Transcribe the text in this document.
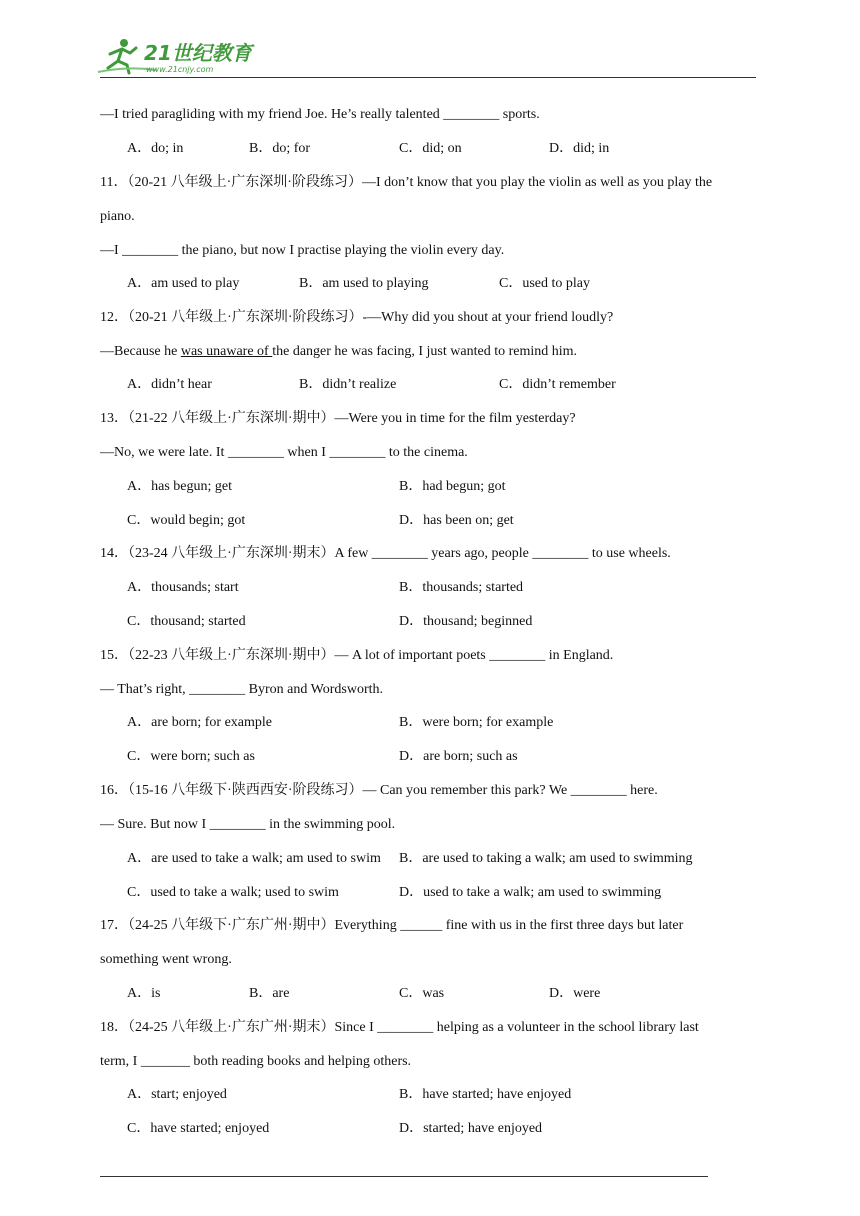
21世纪教育
www.21cnjy.com
—I tried paragliding with my friend Joe. He’s really talented ________ sports.
A．do; in	B．do; for	C．did; on	D．did; in
11．（20-21 八年级上·广东深圳·阶段练习）—I don’t know that you play the violin as well as you play the
piano.
—I ________ the piano, but now I practise playing the violin every day.
A．am used to play	B．am used to playing	C．used to play
12．（20-21 八年级上·广东深圳·阶段练习）-—Why did you shout at your friend loudly?
—Because he was unaware of the danger he was facing, I just wanted to remind him.
A．didn’t hear	B．didn’t realize	C．didn’t remember
13．（21-22 八年级上·广东深圳·期中）—Were you in time for the film yesterday?
—No, we were late. It ________ when I ________ to the cinema.
A．has begun; get	B．had begun; got
C．would begin; got	D．has been on; get
14．（23-24 八年级上·广东深圳·期末）A few ________ years ago, people ________ to use wheels.
A．thousands; start	B．thousands; started
C．thousand; started	D．thousand; beginned
15．（22-23 八年级上·广东深圳·期中）— A lot of important poets ________ in England.
— That’s right, ________ Byron and Wordsworth.
A．are born; for example	B．were born; for example
C．were born; such as	D．are born; such as
16．（15-16 八年级下·陕西西安·阶段练习）— Can you remember this park? We ________ here.
— Sure. But now I ________ in the swimming pool.
A．are used to take a walk; am used to swim B．are used to taking a walk; am used to swimming
C．used to take a walk; used to swim	D．used to take a walk; am used to swimming
17．（24-25 八年级下·广东广州·期中）Everything ______ fine with us in the first three days but later
something went wrong.
A．is	B．are	C．was	D．were
18．（24-25 八年级上·广东广州·期末）Since I ________ helping as a volunteer in the school library last
term, I _______ both reading books and helping others.
A．start; enjoyed	B．have started; have enjoyed
C．have started; enjoyed	D．started; have enjoyed
